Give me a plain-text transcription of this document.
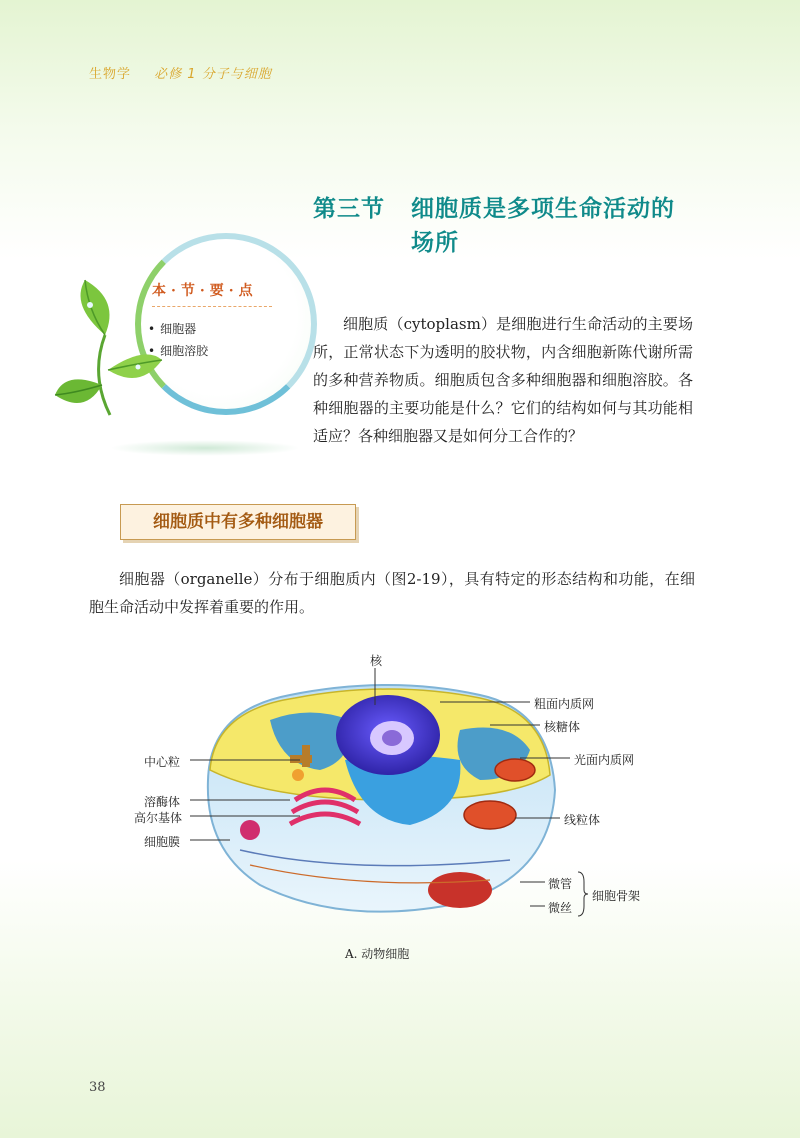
生物学 必修 1 分子与细胞
第三节 细胞质是多项生命活动的
场所
本·节·要·点
• 细胞器
• 细胞溶胶

细胞质（cytoplasm）是细胞进行生命活动的主要场所，正常状态下为透明的胶状物，内含细胞新陈代谢所需的多种营养物质。细胞质包含多种细胞器和细胞溶胶。各种细胞器的主要功能是什么？它们的结构如何与其功能相适应？各种细胞器又是如何分工合作的？

细胞质中有多种细胞器

细胞器（organelle）分布于细胞质内（图2-19），具有特定的形态结构和功能，在细胞生命活动中发挥着重要的作用。

核
粗面内质网
核糖体
光面内质网
中心粒
溶酶体
高尔基体
细胞膜
线粒体
微管
微丝
细胞骨架
A. 动物细胞
38
